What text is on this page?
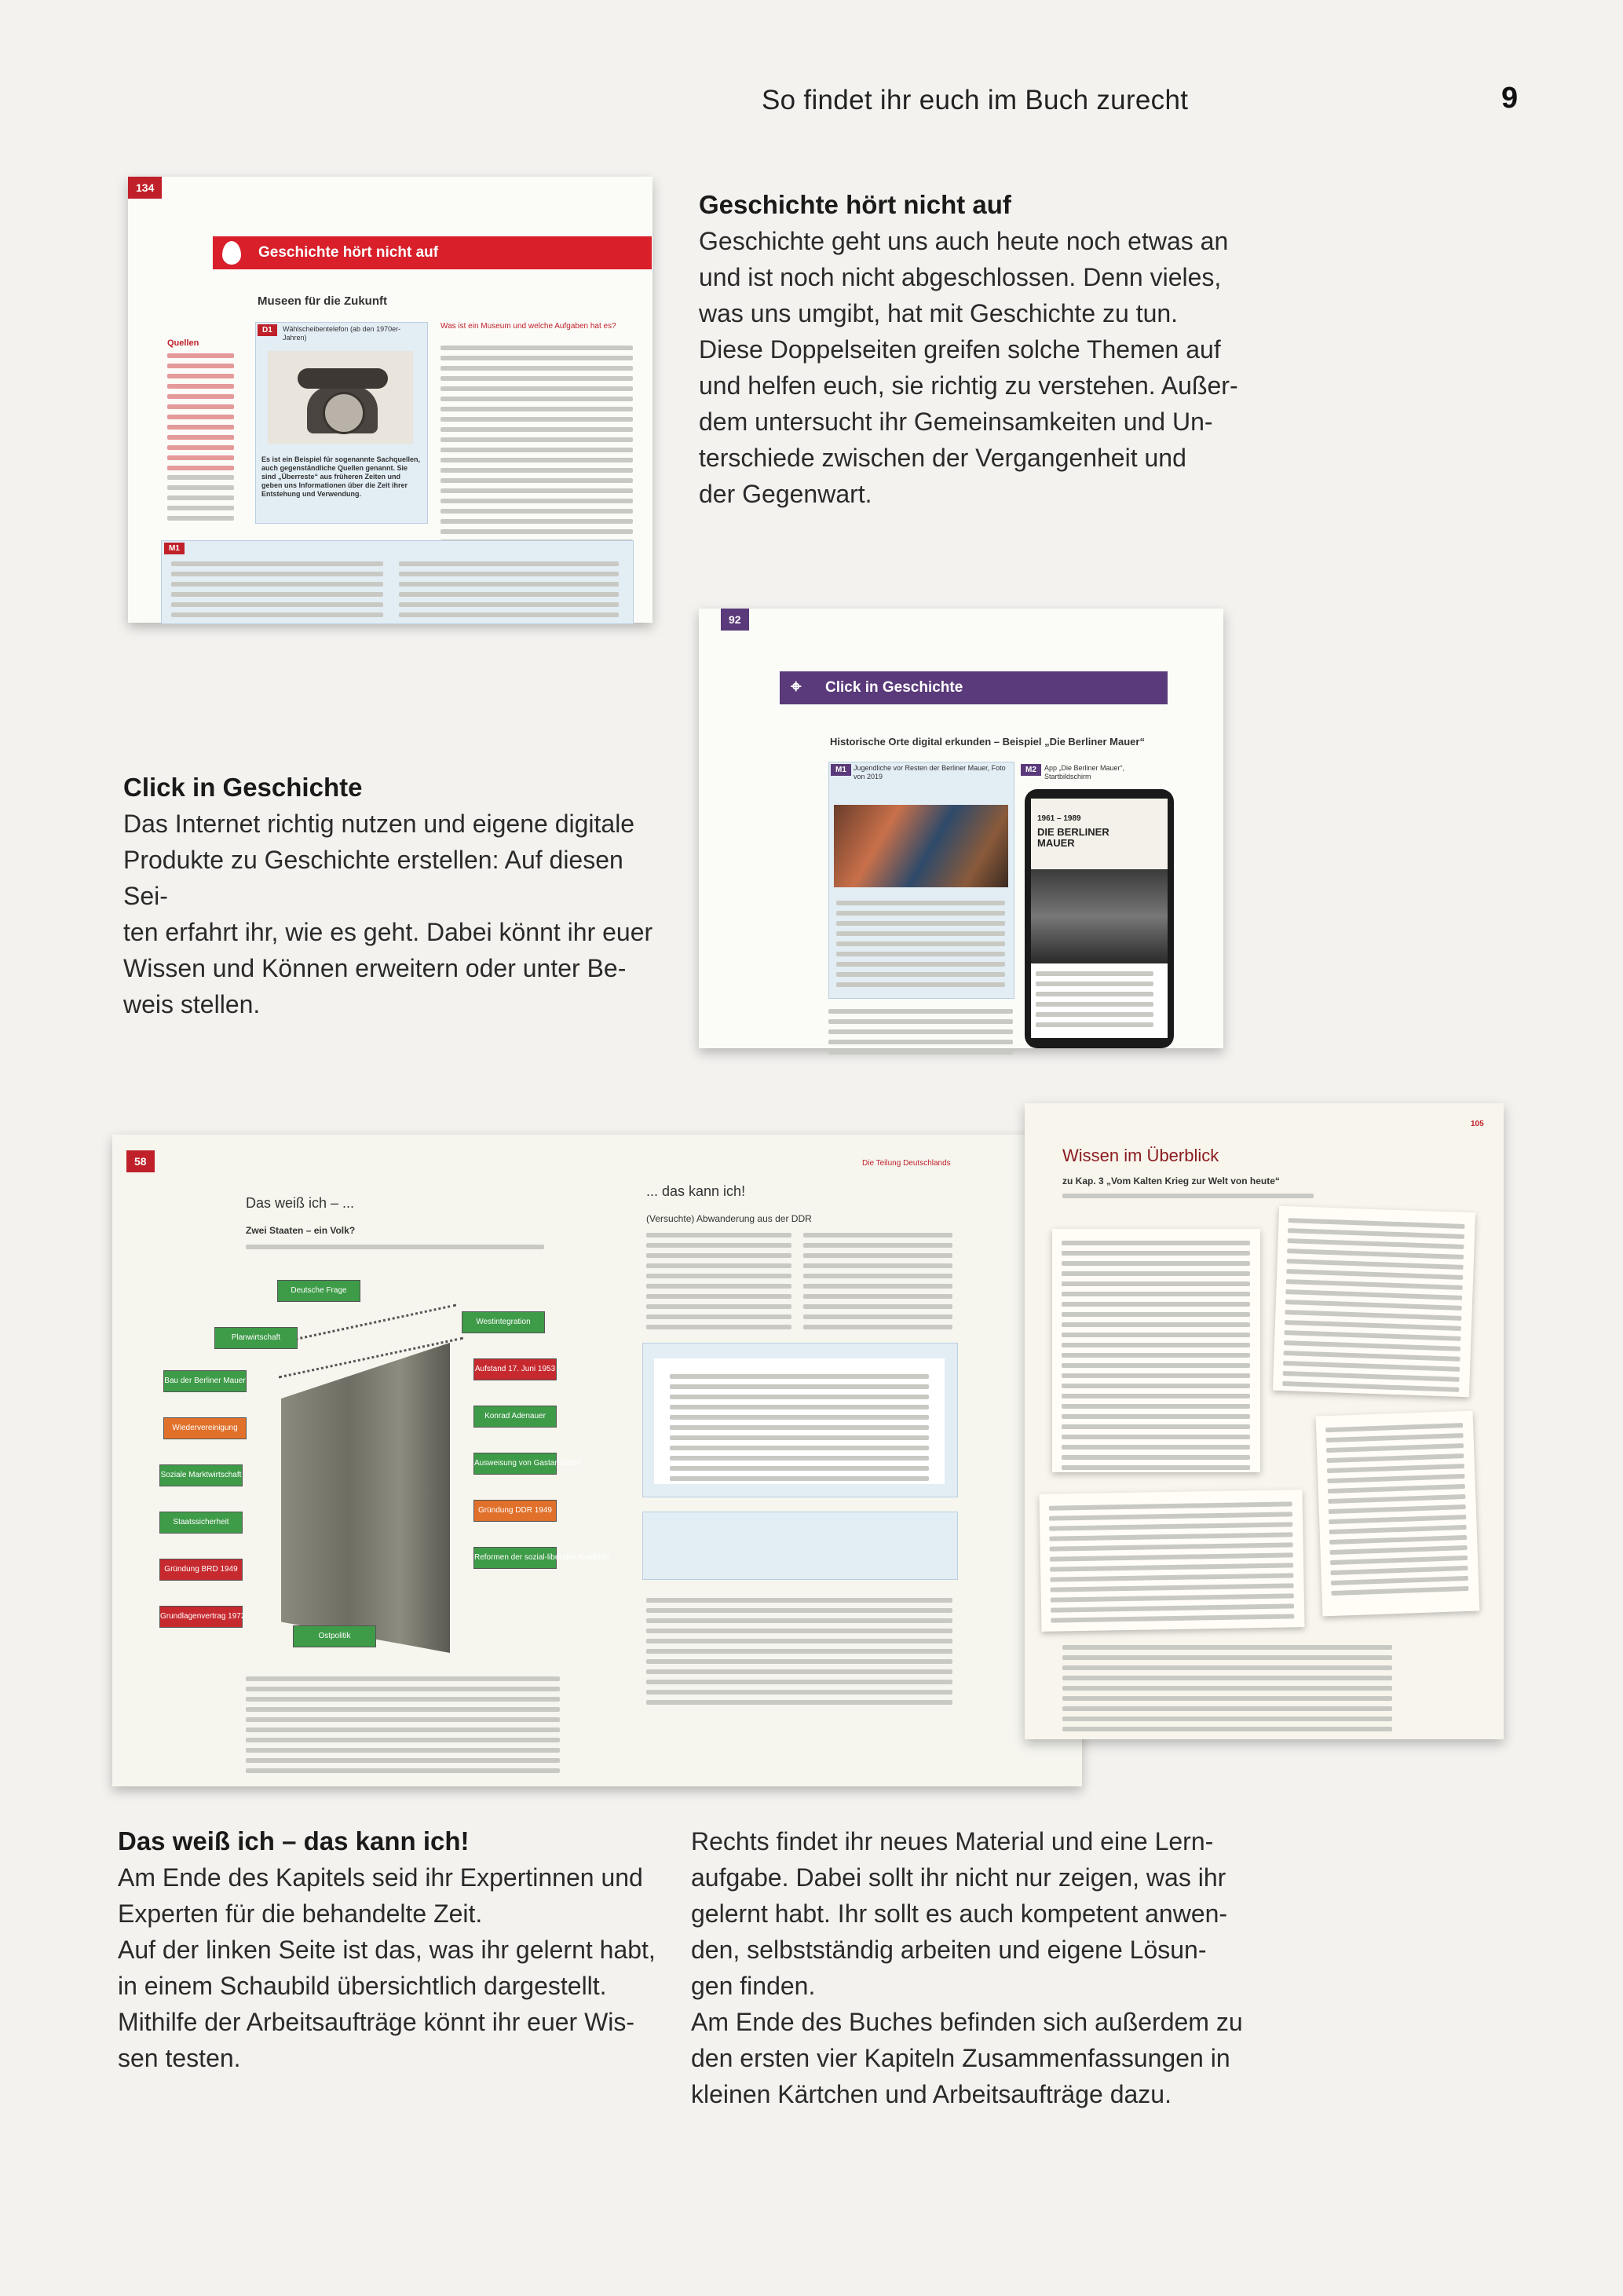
So findet ihr euch im Buch zurecht	9
134
Geschichte hört nicht auf
Museen für die Zukunft
Quellen
D1	Wählscheibentelefon (ab den 1970er-Jahren)
Es ist ein Beispiel für sogenannte Sachquellen, auch gegenständliche Quellen genannt. Sie sind „Überreste“ aus früheren Zeiten und geben uns Informationen über die Zeit ihrer Entstehung und Verwendung.
Was ist ein Museum und welche Aufgaben hat es?
M1

Geschichte hört nicht auf

Geschichte geht uns auch heute noch etwas an

und ist noch nicht abgeschlossen. Denn vieles,

was uns umgibt, hat mit Geschichte zu tun.

Diese Doppelseiten greifen solche Themen auf

und helfen euch, sie richtig zu verstehen. Außer-

dem untersucht ihr Gemeinsamkeiten und Un-

terschiede zwischen der Vergangenheit und

der Gegenwart.

92
⌖ Click in Geschichte
Historische Orte digital erkunden – Beispiel „Die Berliner Mauer“
M1	Jugendliche vor Resten der Berliner Mauer, Foto von 2019
M2	App „Die Berliner Mauer“, Startbildschirm
1961 – 1989
DIE BERLINER MAUER

Click in Geschichte

Das Internet richtig nutzen und eigene digitale

Produkte zu Geschichte erstellen: Auf diesen Sei-

ten erfahrt ihr, wie es geht. Dabei könnt ihr euer

Wissen und Können erweitern oder unter Be-

weis stellen.

58	Die Teilung Deutschlands
Das weiß ich – ...
Zwei Staaten – ein Volk?
Deutsche Frage
Planwirtschaft
Westintegration
Bau der Berliner Mauer
Aufstand 17. Juni 1953
Wiedervereinigung
Konrad Adenauer
Soziale Marktwirtschaft
Ausweisung von Gastarbeitern
Staatssicherheit
Gründung DDR 1949
Gründung BRD 1949
Reformen der sozial-liberalen Koalition
Grundlagenvertrag 1972
Ostpolitik
... das kann ich!
(Versuchte) Abwanderung aus der DDR
105
Wissen im Überblick
zu Kap. 3 „Vom Kalten Krieg zur Welt von heute“

Das weiß ich – das kann ich!

Am Ende des Kapitels seid ihr Expertinnen und

Experten für die behandelte Zeit.

Auf der linken Seite ist das, was ihr gelernt habt,

in einem Schaubild übersichtlich dargestellt.

Mithilfe der Arbeitsaufträge könnt ihr euer Wis-

sen testen.

Rechts findet ihr neues Material und eine Lern-

aufgabe. Dabei sollt ihr nicht nur zeigen, was ihr

gelernt habt. Ihr sollt es auch kompetent anwen-

den, selbstständig arbeiten und eigene Lösun-

gen finden.

Am Ende des Buches befinden sich außerdem zu

den ersten vier Kapiteln Zusammenfassungen in

kleinen Kärtchen und Arbeitsaufträge dazu.
